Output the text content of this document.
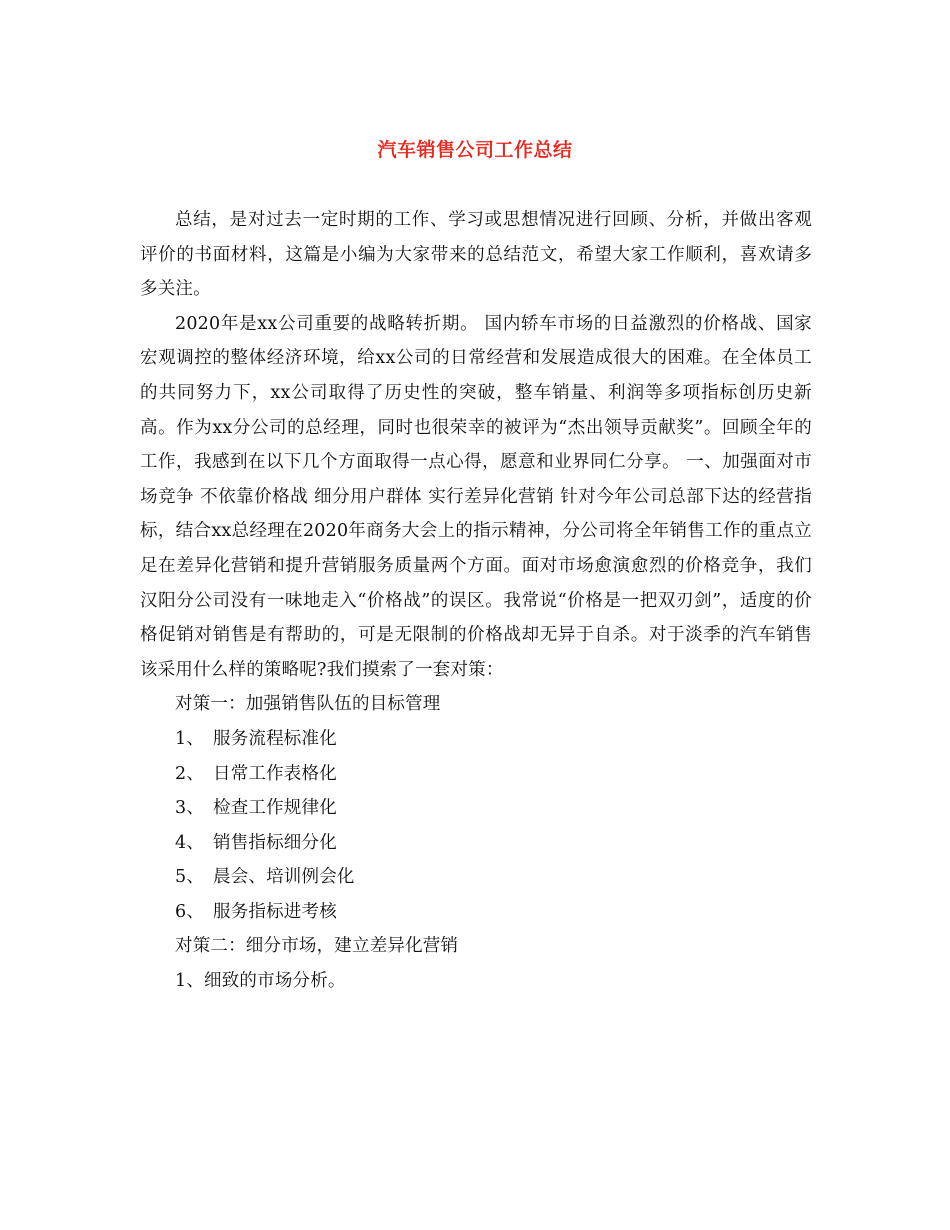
汽车销售公司工作总结

总结，是对过去一定时期的工作、学习或思想情况进行回顾、分析，并做出客观评价的书面材料，这篇是小编为大家带来的总结范文，希望大家工作顺利，喜欢请多多关注。

2020年是xx公司重要的战略转折期。 国内轿车市场的日益激烈的价格战、国家宏观调控的整体经济环境，给xx公司的日常经营和发展造成很大的困难。在全体员工的共同努力下，xx公司取得了历史性的突破，整车销量、利润等多项指标创历史新高。作为xx分公司的总经理，同时也很荣幸的被评为“杰出领导贡献奖”。回顾全年的工作，我感到在以下几个方面取得一点心得，愿意和业界同仁分享。 一、加强面对市场竞争 不依靠价格战 细分用户群体 实行差异化营销 针对今年公司总部下达的经营指标，结合xx总经理在2020年商务大会上的指示精神，分公司将全年销售工作的重点立足在差异化营销和提升营销服务质量两个方面。面对市场愈演愈烈的价格竞争，我们汉阳分公司没有一味地走入“价格战”的误区。我常说“价格是一把双刃剑”，适度的价格促销对销售是有帮助的，可是无限制的价格战却无异于自杀。对于淡季的汽车销售该采用什么样的策略呢?我们摸索了一套对策：

对策一：加强销售队伍的目标管理

1、 服务流程标准化

2、 日常工作表格化

3、 检查工作规律化

4、 销售指标细分化

5、 晨会、培训例会化

6、 服务指标进考核

对策二：细分市场，建立差异化营销

1、细致的市场分析。
